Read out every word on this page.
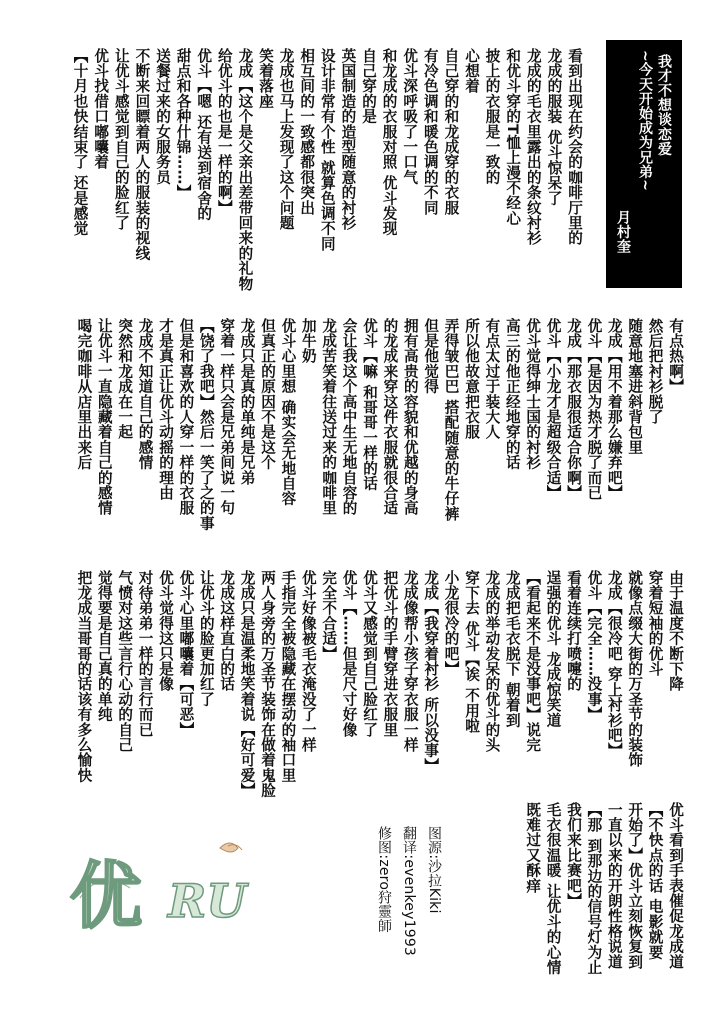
我才不想谈恋爱
~今天开始成为兄弟~
月村奎
看到出现在约会的咖啡厅里的
龙成的服装 优斗惊呆了
龙成的毛衣里露出的条纹衬衫
和优斗穿的T恤上漫不经心
披上的衣服是一致的
心想着
自己穿的和龙成穿的衣服
有冷色调和暖色调的不同
优斗深呼吸了一口气
和龙成的衣服对照 优斗发现
自己穿的是
英国制造的造型随意的衬衫
设计非常有个性 就算色调不同
相互间的一致感都很突出
龙成也马上发现了这个问题
笑着落座
龙成【这个是父亲出差带回来的礼物
给优斗的也是一样的啊】
优斗【嗯 还有送到宿舍的
甜点和各种什锦……】
送餐过来的女服务员
不断来回瞟着两人的服装的视线
让优斗感觉到自己的脸红了
优斗找借口嘟囔着
【十月也快结束了 还是感觉
有点热啊】
然后把衬衫脱了
随意地塞进斜背包里
龙成【用不着那么嫌弃吧】
优斗【是因为热才脱了而已
龙成【那衣服很适合你啊】
优斗【小龙才是超级合适】
优斗觉得绅士国的衬衫
高三的他正经地穿的话
有点太过于装大人
所以他故意把衣服
弄得皱巴巴 搭配随意的牛仔裤
但是他觉得
拥有高贵的容貌和优越的身高
的龙成来穿这件衣服就很合适
优斗【嘛 和哥哥一样的话
会让我这个高中生无地自容的
龙成苦笑着往送过来的咖啡里
加牛奶
优斗心里想 确实会无地自容
但真正的原因不是这个
龙成只是真的单纯是兄弟
穿着一样只会是兄弟间说一句
【饶了我吧】然后一笑了之的事
但是和喜欢的人穿一样的衣服
才是真正让优斗动摇的理由
龙成不知道自己的感情
突然和龙成在一起
让优斗一直隐藏着自己的感情
喝完咖啡从店里出来后
由于温度不断下降
穿着短袖的优斗
就像点缀大街的万圣节的装饰
龙成【很冷吧 穿上衬衫吧】
优斗【完全……没事】
看着连续打喷嚏的
逞强的优斗 龙成惊笑道
【看起来不是没事吧】说完
龙成把毛衣脱下 朝着到
龙成的举动发呆的优斗的头
穿下去 优斗【诶 不用啦
小龙很冷的吧】
龙成【我穿着衬衫 所以没事】
龙成像帮小孩子穿衣服一样
把优斗的手臂穿进衣服里
优斗又感觉到自己脸红了
优斗【……但是尺寸好像
完全不合适】
优斗好像被毛衣淹没了一样
手指完全被隐藏在摆动的袖口里
两人身旁的万圣节装饰在做着鬼脸
龙成只是温柔地笑着说【好可爱】
龙成这样直白的话
让优斗的脸更加红了
优斗心里嘟囔着【可恶】
优斗觉得这只是像
对待弟弟一样的言行而已
气愤对这些言行心动的自己
觉得要是自己真的单纯
把龙成当哥哥的话该有多么愉快
优斗看到手表催促龙成道
【不快点的话 电影就要
开始了】优斗立刻恢复到
一直以来的开朗性格说道
【那 到那边的信号灯为止
我们来比赛吧】
毛衣很温暖 让优斗的心情
既难过又酥痒
图源:沙拉Kiki
翻译:evenkey1993
修图:zero狩靈師
优 RU
